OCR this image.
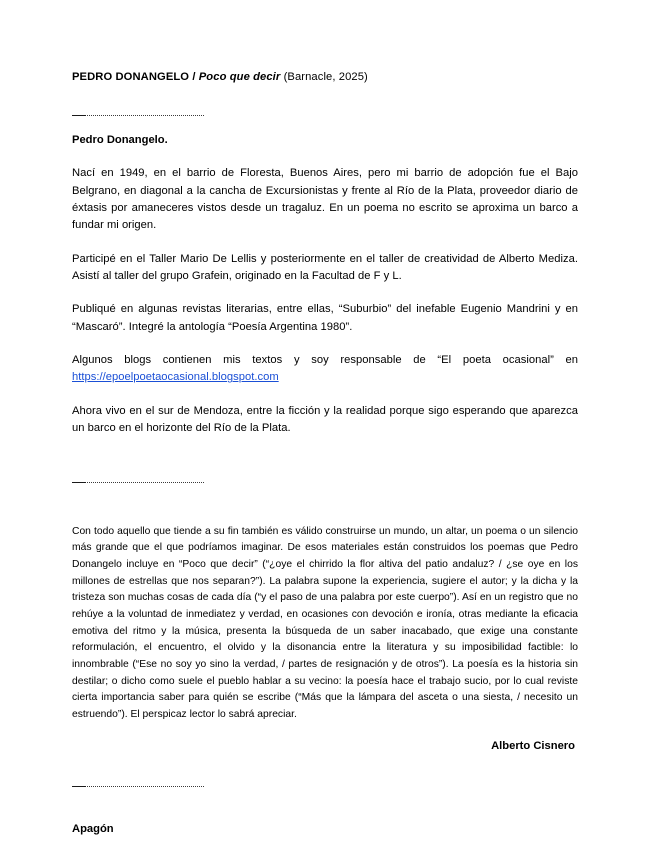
PEDRO DONANGELO / Poco que decir (Barnacle, 2025)
Pedro Donangelo.

Nací en 1949, en el barrio de Floresta, Buenos Aires, pero mi barrio de adopción fue el Bajo Belgrano, en diagonal a la cancha de Excursionistas y frente al Río de la Plata, proveedor diario de éxtasis por amaneceres vistos desde un tragaluz. En un poema no escrito se aproxima un barco a fundar mi origen.

Participé en el Taller Mario De Lellis y posteriormente en el taller de creatividad de Alberto Mediza. Asistí al taller del grupo Grafein, originado en la Facultad de F y L.

Publiqué en algunas revistas literarias, entre ellas, “Suburbio” del inefable Eugenio Mandrini y en “Mascaró”. Integré la antología “Poesía Argentina 1980”.

Algunos blogs contienen mis textos y soy responsable de “El poeta ocasional” en https://epoelpoetaocasional.blogspot.com

Ahora vivo en el sur de Mendoza, entre la ficción y la realidad porque sigo esperando que aparezca un barco en el horizonte del Río de la Plata.

Con todo aquello que tiende a su fin también es válido construirse un mundo, un altar, un poema o un silencio más grande que el que podríamos imaginar. De esos materiales están construidos los poemas que Pedro Donangelo incluye en “Poco que decir” (“¿oye el chirrido la flor altiva del patio andaluz? / ¿se oye en los millones de estrellas que nos separan?”). La palabra supone la experiencia, sugiere el autor; y la dicha y la tristeza son muchas cosas de cada día (“y el paso de una palabra por este cuerpo”). Así en un registro que no rehúye a la voluntad de inmediatez y verdad, en ocasiones con devoción e ironía, otras mediante la eficacia emotiva del ritmo y la música, presenta la búsqueda de un saber inacabado, que exige una constante reformulación, el encuentro, el olvido y la disonancia entre la literatura y su imposibilidad factible: lo innombrable (“Ese no soy yo sino la verdad, / partes de resignación y de otros”). La poesía es la historia sin destilar; o dicho como suele el pueblo hablar a su vecino: la poesía hace el trabajo sucio, por lo cual reviste cierta importancia saber para quién se escribe (“Más que la lámpara del asceta o una siesta, / necesito un estruendo”). El perspicaz lector lo sabrá apreciar.

Alberto Cisnero
Apagón
